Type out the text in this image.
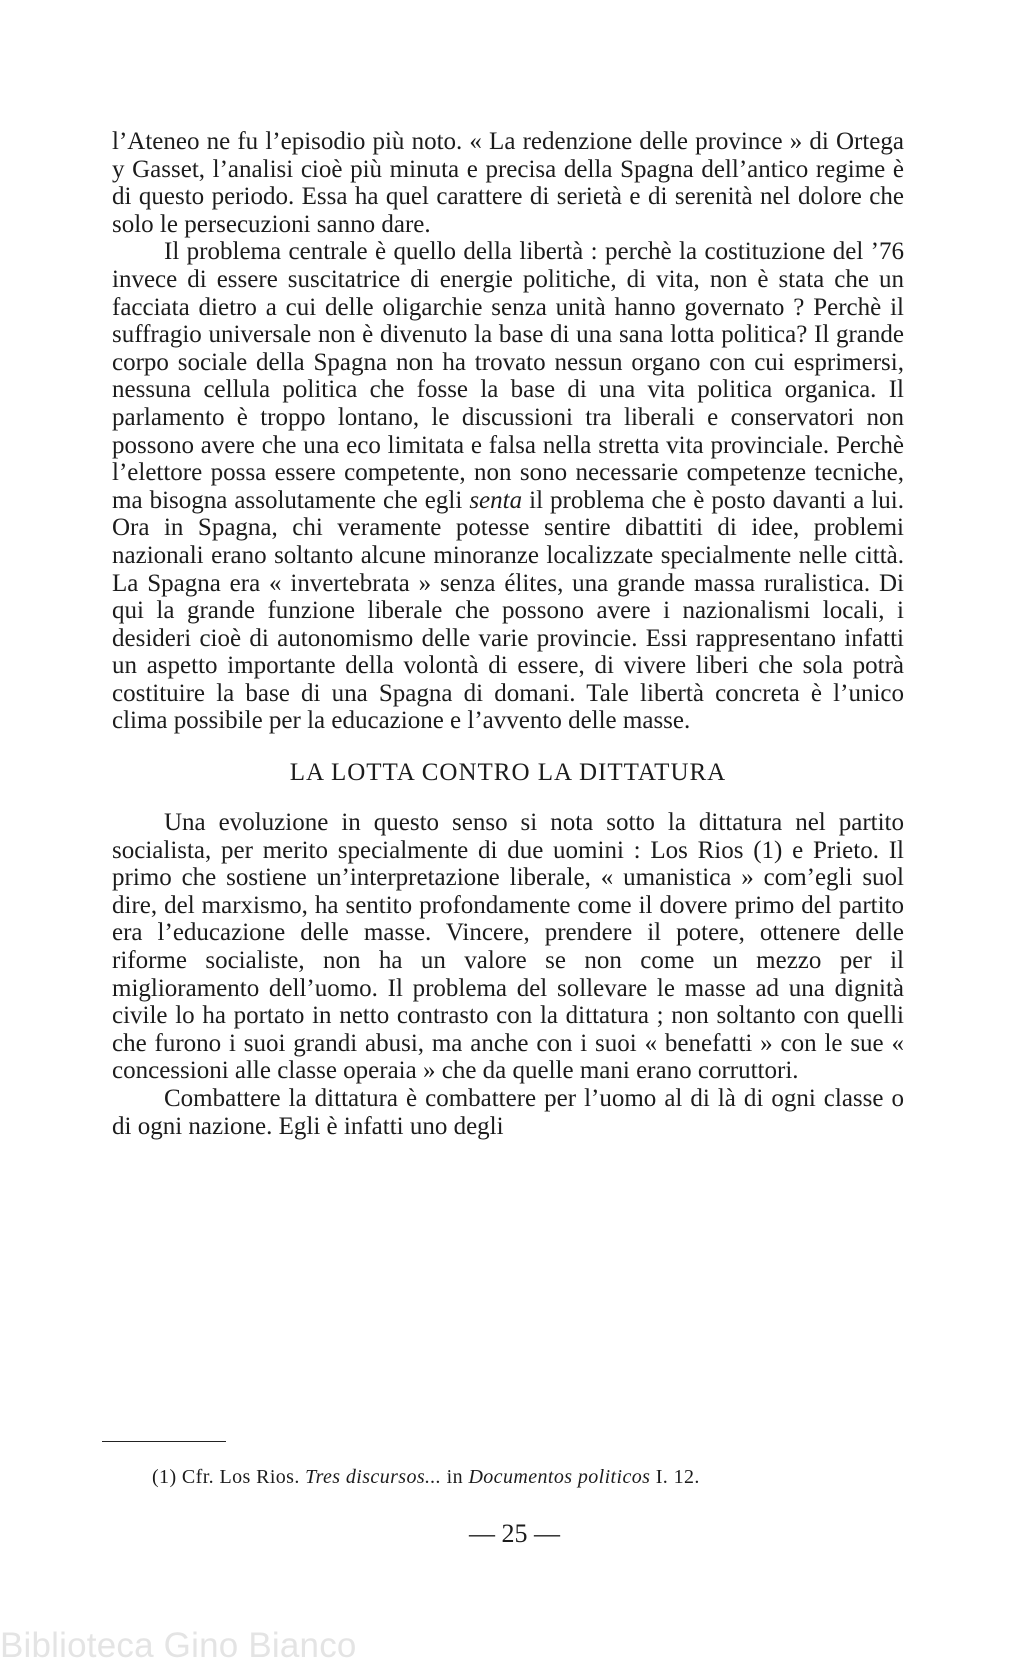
l’Ateneo ne fu l’episodio più noto. « La redenzione delle province » di Ortega y Gasset, l’analisi cioè più minuta e precisa della Spagna dell’antico regime è di questo periodo. Essa ha quel carattere di serietà e di serenità nel dolore che solo le persecuzioni sanno dare.

Il problema centrale è quello della libertà : perchè la costituzione del ’76 invece di essere suscitatrice di energie politiche, di vita, non è stata che un facciata dietro a cui delle oligarchie senza unità hanno governato ? Perchè il suffragio universale non è divenuto la base di una sana lotta politica? Il grande corpo sociale della Spagna non ha trovato nessun organo con cui esprimersi, nessuna cellula politica che fosse la base di una vita politica organica. Il parlamento è troppo lontano, le discussioni tra liberali e conservatori non possono avere che una eco limitata e falsa nella stretta vita provinciale. Perchè l’elettore possa essere competente, non sono necessarie competenze tecniche, ma bisogna assolutamente che egli senta il problema che è posto davanti a lui. Ora in Spagna, chi veramente potesse sentire dibattiti di idee, problemi nazionali erano soltanto alcune minoranze localizzate specialmente nelle città. La Spagna era « invertebrata » senza élites, una grande massa ruralistica. Di qui la grande funzione liberale che possono avere i nazionalismi locali, i desideri cioè di autonomismo delle varie provincie. Essi rappresentano infatti un aspetto importante della volontà di essere, di vivere liberi che sola potrà costituire la base di una Spagna di domani. Tale libertà concreta è l’unico clima possibile per la educazione e l’avvento delle masse.

LA LOTTA CONTRO LA DITTATURA

Una evoluzione in questo senso si nota sotto la dittatura nel partito socialista, per merito specialmente di due uomini : Los Rios (1) e Prieto. Il primo che sostiene un’interpretazione liberale, « umanistica » com’egli suol dire, del marxismo, ha sentito profondamente come il dovere primo del partito era l’educazione delle masse. Vincere, prendere il potere, ottenere delle riforme socialiste, non ha un valore se non come un mezzo per il miglioramento dell’uomo. Il problema del sollevare le masse ad una dignità civile lo ha portato in netto contrasto con la dittatura ; non soltanto con quelli che furono i suoi grandi abusi, ma anche con i suoi « benefatti » con le sue « concessioni alle classe operaia » che da quelle mani erano corruttori.

Combattere la dittatura è combattere per l’uomo al di là di ogni classe o di ogni nazione. Egli è infatti uno degli

(1) Cfr. Los Rios. Tres discursos... in Documentos politicos I. 12.
— 25 —
Biblioteca Gino Bianco
